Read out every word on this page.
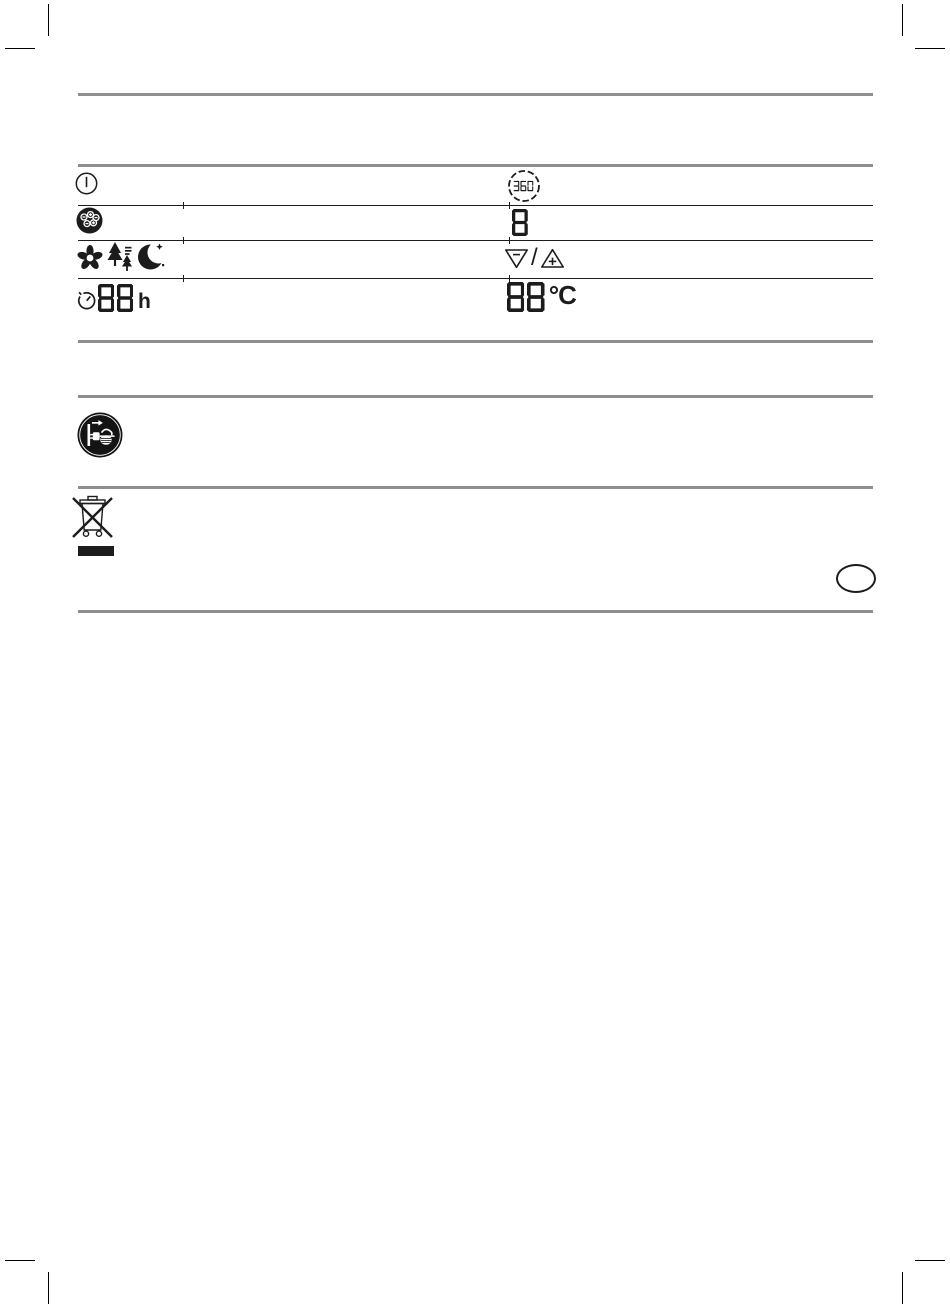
/
h	°C
